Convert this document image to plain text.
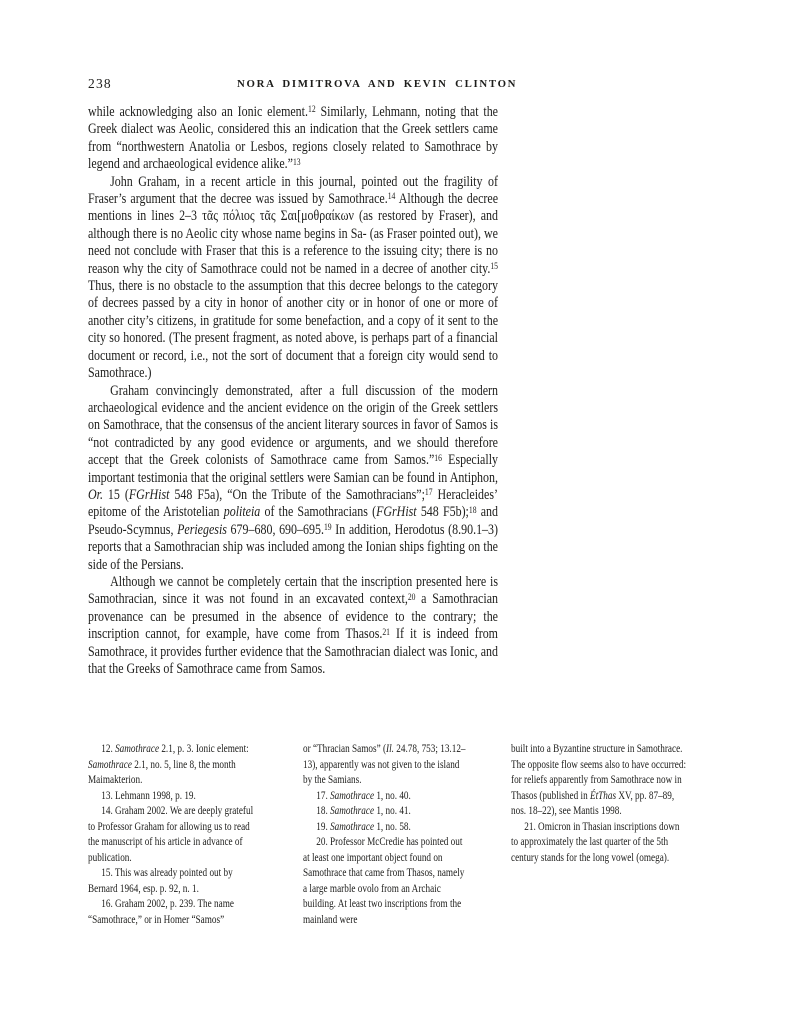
238	NORA DIMITROVA AND KEVIN CLINTON

while acknowledging also an Ionic element.$^{12}$ Similarly, Lehmann, noting that the Greek dialect was Aeolic, considered this an indication that the Greek settlers came from “northwestern Anatolia or Lesbos, regions closely related to Samothrace by legend and archaeological evidence alike.”$^{13}$

John Graham, in a recent article in this journal, pointed out the fragility of Fraser’s argument that the decree was issued by Samothrace.$^{14}$ Although the decree mentions in lines 2–3 τᾶς πόλιος τᾶς Σαι[μοθραίκων (as restored by Fraser), and although there is no Aeolic city whose name begins in Sa- (as Fraser pointed out), we need not conclude with Fraser that this is a reference to the issuing city; there is no reason why the city of Samothrace could not be named in a decree of another city.$^{15}$ Thus, there is no obstacle to the assumption that this decree belongs to the category of decrees passed by a city in honor of another city or in honor of one or more of another city’s citizens, in gratitude for some benefaction, and a copy of it sent to the city so honored. (The present fragment, as noted above, is perhaps part of a financial document or record, i.e., not the sort of document that a foreign city would send to Samothrace.)

Graham convincingly demonstrated, after a full discussion of the modern archaeological evidence and the ancient evidence on the origin of the Greek settlers on Samothrace, that the consensus of the ancient literary sources in favor of Samos is “not contradicted by any good evidence or arguments, and we should therefore accept that the Greek colonists of Samothrace came from Samos.”$^{16}$ Especially important testimonia that the original settlers were Samian can be found in Antiphon, Or. 15 (FGrHist 548 F5a), “On the Tribute of the Samothracians”;$^{17}$ Heracleides’ epitome of the Aristotelian politeia of the Samothracians (FGrHist 548 F5b);$^{18}$ and Pseudo-Scymnus, Periegesis 679–680, 690–695.19 In addition, Herodotus (8.90.1–3) reports that a Samothracian ship was included among the Ionian ships fighting on the side of the Persians.

Although we cannot be completely certain that the inscription presented here is Samothracian, since it was not found in an excavated context,$^{20}$ a Samothracian provenance can be presumed in the absence of evidence to the contrary; the inscription cannot, for example, have come from Thasos.$^{21}$ If it is indeed from Samothrace, it provides further evidence that the Samothracian dialect was Ionic, and that the Greeks of Samothrace came from Samos.

12. Samothrace 2.1, p. 3. Ionic element: Samothrace 2.1, no. 5, line 8, the month Maimakterion.

13. Lehmann 1998, p. 19.

14. Graham 2002. We are deeply grateful to Professor Graham for allowing us to read the manuscript of his article in advance of publication.

15. This was already pointed out by Bernard 1964, esp. p. 92, n. 1.

16. Graham 2002, p. 239. The name “Samothrace,” or in Homer “Samos”

or “Thracian Samos” (Il. 24.78, 753; 13.12–13), apparently was not given to the island by the Samians.

17. Samothrace 1, no. 40.

18. Samothrace 1, no. 41.

19. Samothrace 1, no. 58.

20. Professor McCredie has pointed out at least one important object found on Samothrace that came from Thasos, namely a large marble ovolo from an Archaic building. At least two inscriptions from the mainland were

built into a Byzantine structure in Samothrace. The opposite flow seems also to have occurred: for reliefs apparently from Samothrace now in Thasos (published in ÉtThas XV, pp. 87–89, nos. 18–22), see Mantis 1998.

21. Omicron in Thasian inscriptions down to approximately the last quarter of the 5th century stands for the long vowel (omega).
